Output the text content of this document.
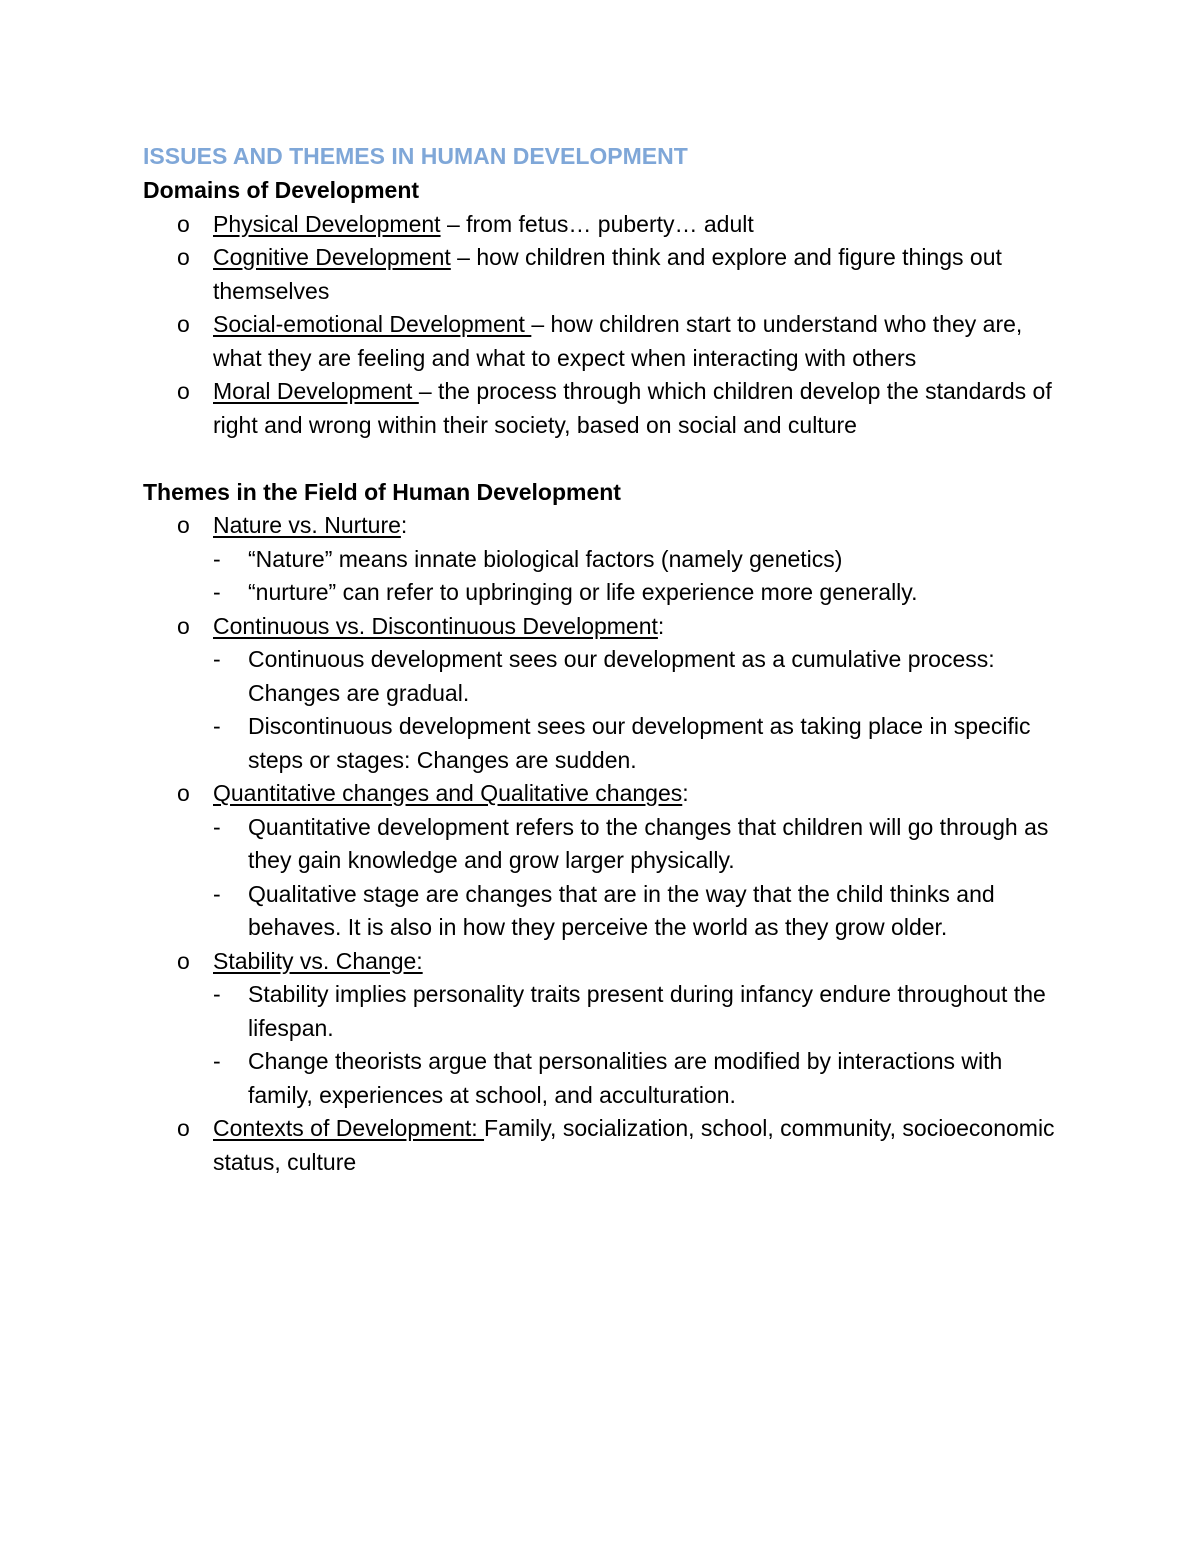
ISSUES AND THEMES IN HUMAN DEVELOPMENT
Domains of Development
o Physical Development – from fetus… puberty… adult
o Cognitive Development – how children think and explore and figure things out themselves
o Social-emotional Development – how children start to understand who they are, what they are feeling and what to expect when interacting with others
o Moral Development – the process through which children develop the standards of right and wrong within their society, based on social and culture
Themes in the Field of Human Development
o Nature vs. Nurture:
- “Nature” means innate biological factors (namely genetics)
- “nurture” can refer to upbringing or life experience more generally.
o Continuous vs. Discontinuous Development:
- Continuous development sees our development as a cumulative process: Changes are gradual.
- Discontinuous development sees our development as taking place in specific steps or stages: Changes are sudden.
o Quantitative changes and Qualitative changes:
- Quantitative development refers to the changes that children will go through as they gain knowledge and grow larger physically.
- Qualitative stage are changes that are in the way that the child thinks and behaves. It is also in how they perceive the world as they grow older.
o Stability vs. Change:
- Stability implies personality traits present during infancy endure throughout the lifespan.
- Change theorists argue that personalities are modified by interactions with family, experiences at school, and acculturation.
o Contexts of Development: Family, socialization, school, community, socioeconomic status, culture
